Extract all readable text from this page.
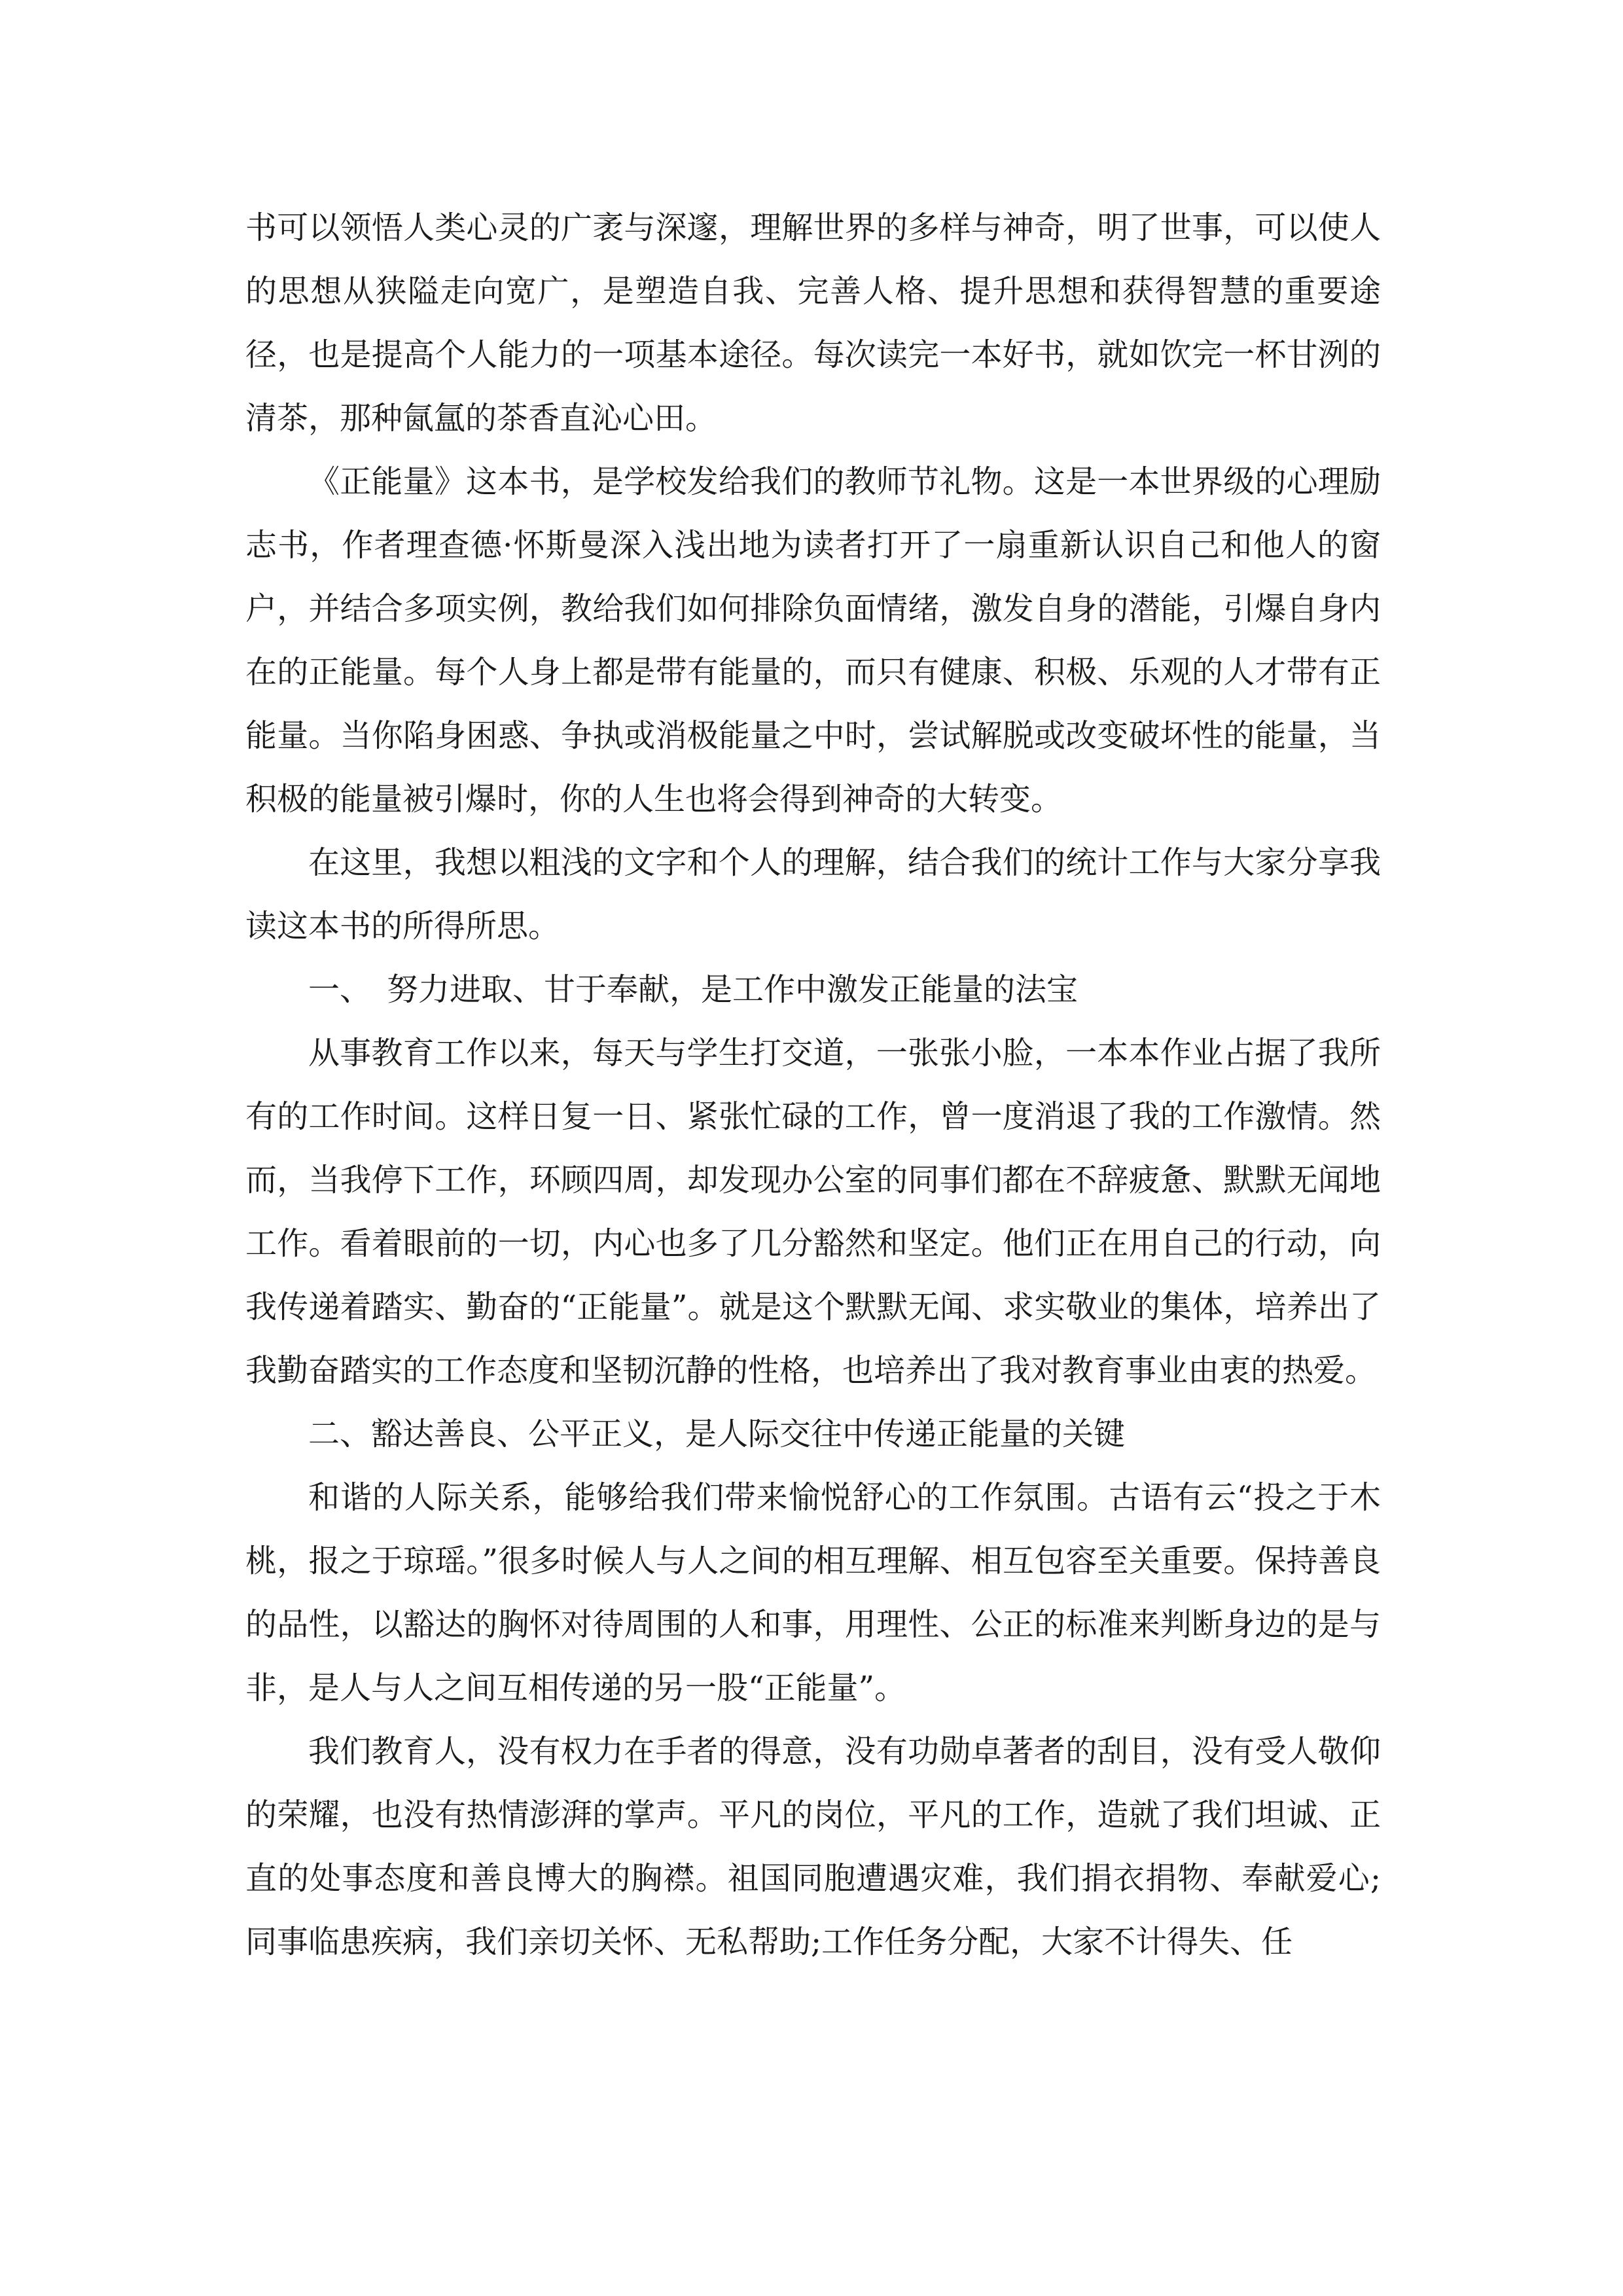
书可以领悟人类心灵的广袤与深邃，理解世界的多样与神奇，明了世事，可以使人的思想从狭隘走向宽广，是塑造自我、完善人格、提升思想和获得智慧的重要途径，也是提高个人能力的一项基本途径。每次读完一本好书，就如饮完一杯甘洌的清茶，那种氤氲的茶香直沁心田。

《正能量》这本书，是学校发给我们的教师节礼物。这是一本世界级的心理励志书，作者理查德·怀斯曼深入浅出地为读者打开了一扇重新认识自己和他人的窗户，并结合多项实例，教给我们如何排除负面情绪，激发自身的潜能，引爆自身内在的正能量。每个人身上都是带有能量的，而只有健康、积极、乐观的人才带有正能量。当你陷身困惑、争执或消极能量之中时，尝试解脱或改变破坏性的能量，当积极的能量被引爆时，你的人生也将会得到神奇的大转变。

在这里，我想以粗浅的文字和个人的理解，结合我们的统计工作与大家分享我读这本书的所得所思。

一、　努力进取、甘于奉献，是工作中激发正能量的法宝

从事教育工作以来，每天与学生打交道，一张张小脸，一本本作业占据了我所有的工作时间。这样日复一日、紧张忙碌的工作，曾一度消退了我的工作激情。然而，当我停下工作，环顾四周，却发现办公室的同事们都在不辞疲惫、默默无闻地工作。看着眼前的一切，内心也多了几分豁然和坚定。他们正在用自己的行动，向我传递着踏实、勤奋的“正能量”。就是这个默默无闻、求实敬业的集体，培养出了我勤奋踏实的工作态度和坚韧沉静的性格，也培养出了我对教育事业由衷的热爱。

二、豁达善良、公平正义，是人际交往中传递正能量的关键

和谐的人际关系，能够给我们带来愉悦舒心的工作氛围。古语有云“投之于木桃，报之于琼瑶。”很多时候人与人之间的相互理解、相互包容至关重要。保持善良的品性，以豁达的胸怀对待周围的人和事，用理性、公正的标准来判断身边的是与非，是人与人之间互相传递的另一股“正能量”。

我们教育人，没有权力在手者的得意，没有功勋卓著者的刮目，没有受人敬仰的荣耀，也没有热情澎湃的掌声。平凡的岗位，平凡的工作，造就了我们坦诚、正直的处事态度和善良博大的胸襟。祖国同胞遭遇灾难，我们捐衣捐物、奉献爱心;同事临患疾病，我们亲切关怀、无私帮助;工作任务分配，大家不计得失、任
